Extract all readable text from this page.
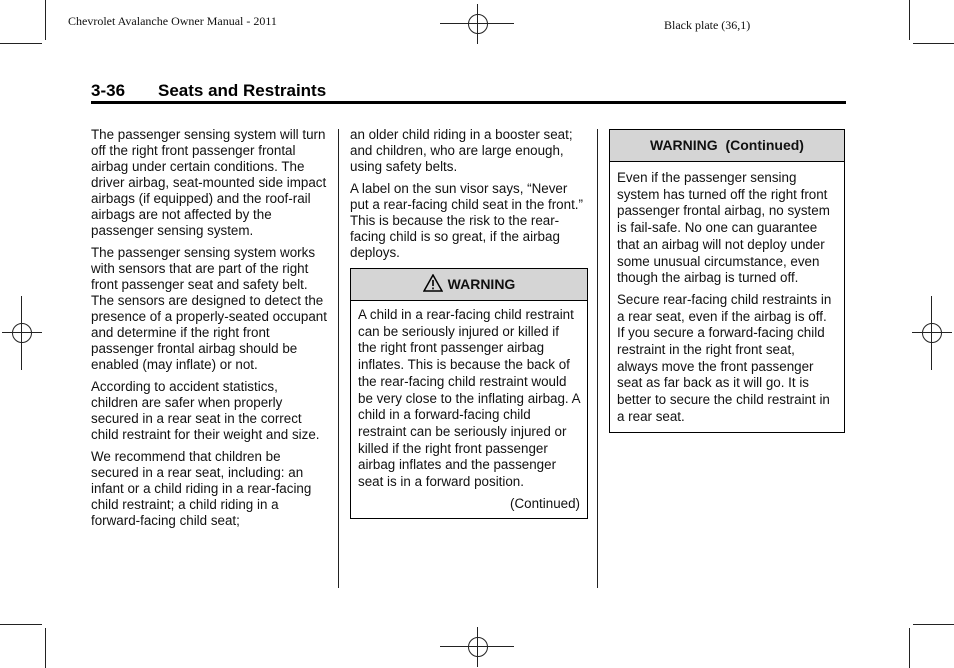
Chevrolet Avalanche Owner Manual - 2011	Black plate (36,1)
3-36 Seats and Restraints

The passenger sensing system will turn off the right front passenger frontal airbag under certain conditions. The driver airbag, seat-mounted side impact airbags (if equipped) and the roof-rail airbags are not affected by the passenger sensing system.

The passenger sensing system works with sensors that are part of the right front passenger seat and safety belt. The sensors are designed to detect the presence of a properly-seated occupant and determine if the right front passenger frontal airbag should be enabled (may inflate) or not.

According to accident statistics, children are safer when properly secured in a rear seat in the correct child restraint for their weight and size.

We recommend that children be secured in a rear seat, including: an infant or a child riding in a rear-facing child restraint; a child riding in a forward-facing child seat;

an older child riding in a booster seat; and children, who are large enough, using safety belts.

A label on the sun visor says, “Never put a rear-facing child seat in the front.” This is because the risk to the rear-facing child is so great, if the airbag deploys.

WARNING

A child in a rear-facing child restraint can be seriously injured or killed if the right front passenger airbag inflates. This is because the back of the rear-facing child restraint would be very close to the inflating airbag. A child in a forward-facing child restraint can be seriously injured or killed if the right front passenger airbag inflates and the passenger seat is in a forward position.

(Continued)
WARNING  (Continued)

Even if the passenger sensing system has turned off the right front passenger frontal airbag, no system is fail-safe. No one can guarantee that an airbag will not deploy under some unusual circumstance, even though the airbag is turned off.

Secure rear-facing child restraints in a rear seat, even if the airbag is off. If you secure a forward-facing child restraint in the right front seat, always move the front passenger seat as far back as it will go. It is better to secure the child restraint in a rear seat.
